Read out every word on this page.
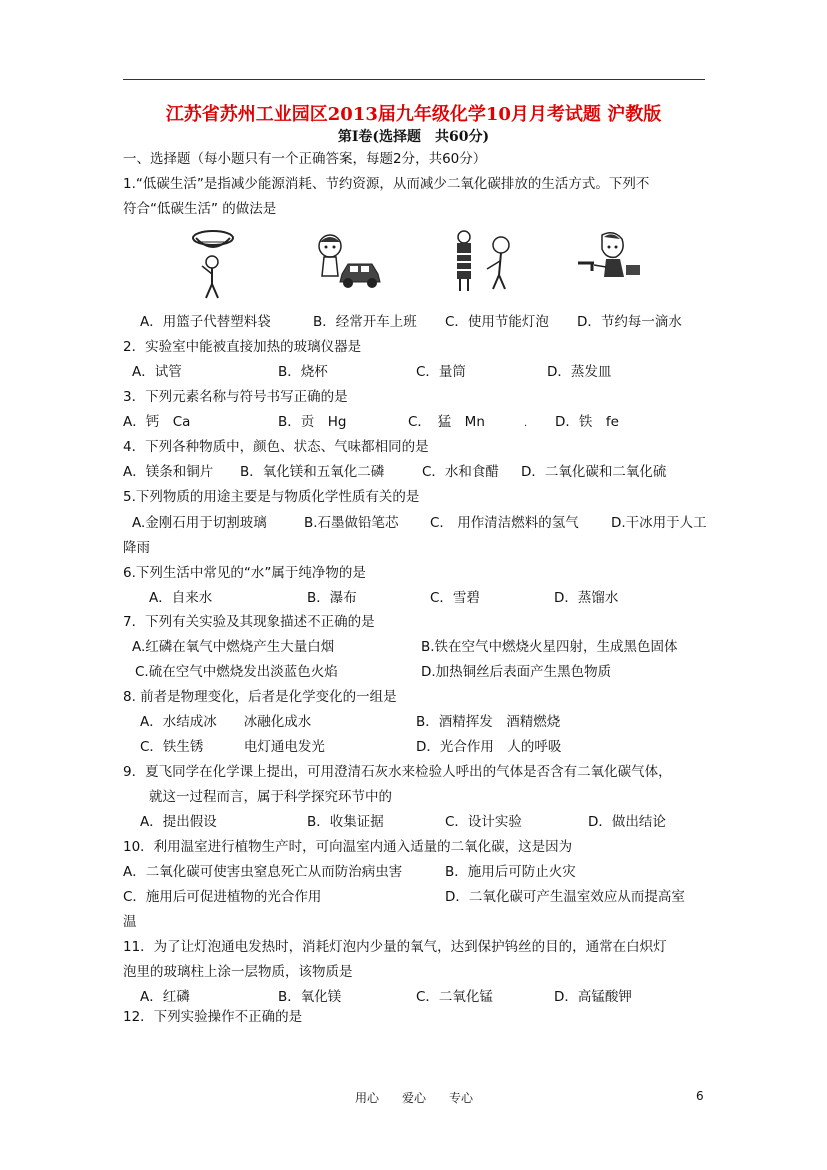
江苏省苏州工业园区2013届九年级化学10月月考试题 沪教版
第Ⅰ卷(选择题　共60分)
一、选择题（每小题只有一个正确答案，每题2分，共60分）
1.“低碳生活”是指减少能源消耗、节约资源，从而减少二氧化碳排放的生活方式。下列不
符合“低碳生活” 的做法是
A．用篮子代替塑料袋	B．经常开车上班 C．使用节能灯泡 D．节约每一滴水
2．实验室中能被直接加热的玻璃仪器是
A．试管	B．烧杯	C．量筒	D．蒸发皿
3．下列元素名称与符号书写正确的是
A．钙　Ca	B．贡　Hg	C．　猛　Mn	. D．铁　fe
4．下列各种物质中，颜色、状态、气味都相同的是
A．镁条和铜片 B．氧化镁和五氧化二磷	C．水和食醋 D．二氧化碳和二氧化硫
5.下列物质的用途主要是与物质化学性质有关的是
A.金刚石用于切割玻璃	B.石墨做铅笔芯 C.　用作清洁燃料的氢气 D.干冰用于人工
降雨
6.下列生活中常见的“水”属于纯净物的是
A．自来水	B．瀑布	C．雪碧	D．蒸馏水
7．下列有关实验及其现象描述不正确的是
A.红磷在氧气中燃烧产生大量白烟	B.铁在空气中燃烧火星四射，生成黑色固体
C.硫在空气中燃烧发出淡蓝色火焰	D.加热铜丝后表面产生黑色物质
8. 前者是物理变化，后者是化学变化的一组是
A．水结成冰　　冰融化成水	B．酒精挥发　酒精燃烧
C．铁生锈　　　电灯通电发光	D．光合作用　人的呼吸
9．夏飞同学在化学课上提出，可用澄清石灰水来检验人呼出的气体是否含有二氧化碳气体，
就这一过程而言，属于科学探究环节中的
A．提出假设	B．收集证据	C．设计实验	D．做出结论
10．利用温室进行植物生产时，可向温室内通入适量的二氧化碳，这是因为
A．二氧化碳可使害虫窒息死亡从而防治病虫害	B．施用后可防止火灾
C．施用后可促进植物的光合作用	D．二氧化碳可产生温室效应从而提高室
温
11．为了让灯泡通电发热时，消耗灯泡内少量的氧气，达到保护钨丝的目的，通常在白炽灯
泡里的玻璃柱上涂一层物质，该物质是
A．红磷	B．氧化镁	C．二氧化锰	D．高锰酸钾
12．下列实验操作不正确的是
用心 爱心 专心	6
